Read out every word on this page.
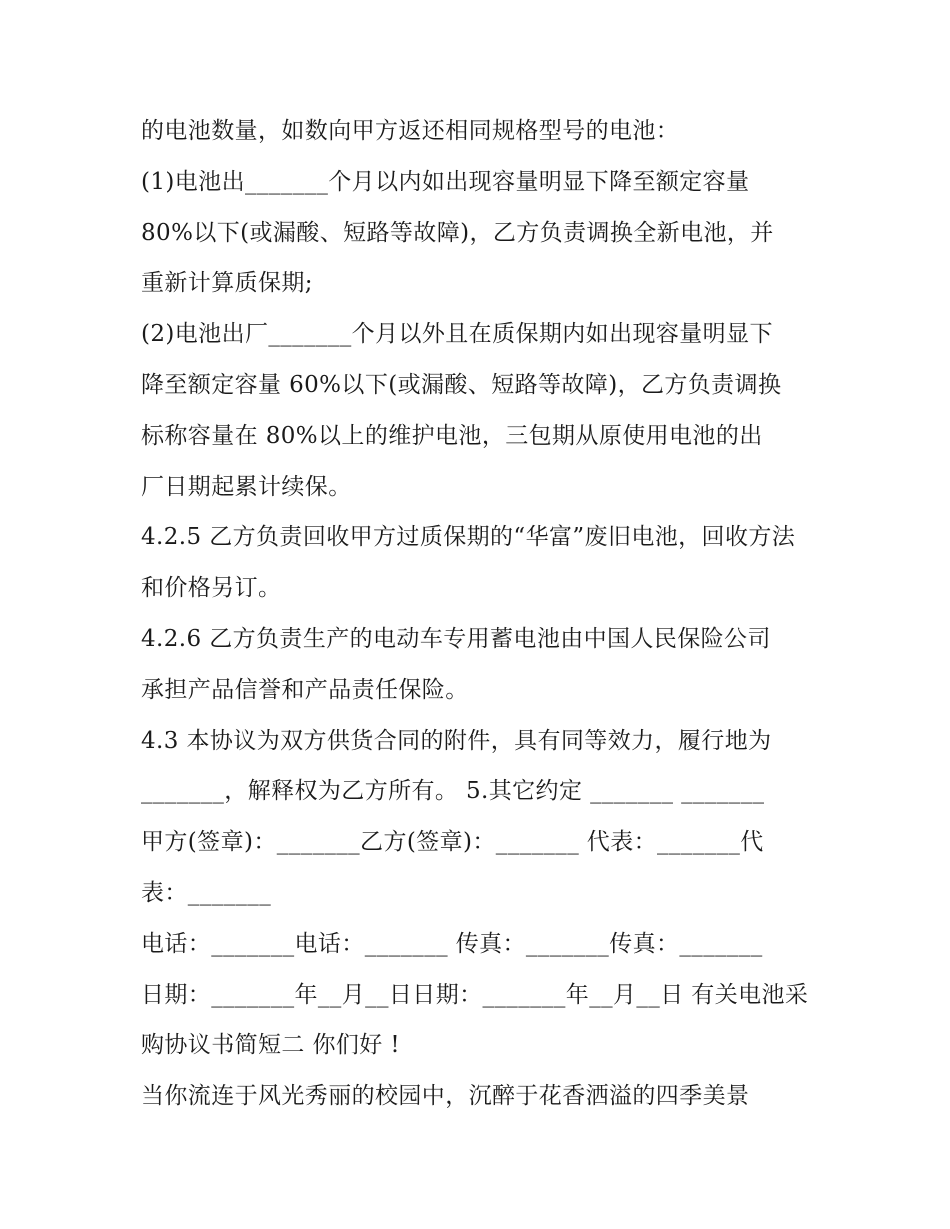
的电池数量，如数向甲方返还相同规格型号的电池：
(1)电池出_______个月以内如出现容量明显下降至额定容量
80%以下(或漏酸、短路等故障)，乙方负责调换全新电池，并
重新计算质保期;
(2)电池出厂_______个月以外且在质保期内如出现容量明显下
降至额定容量 60%以下(或漏酸、短路等故障)，乙方负责调换
标称容量在 80%以上的维护电池，三包期从原使用电池的出
厂日期起累计续保。
4.2.5 乙方负责回收甲方过质保期的“华富”废旧电池，回收方法
和价格另订。
4.2.6 乙方负责生产的电动车专用蓄电池由中国人民保险公司
承担产品信誉和产品责任保险。
4.3 本协议为双方供货合同的附件，具有同等效力，履行地为
_______，解释权为乙方所有。 5.其它约定 _______ _______
甲方(签章)：_______乙方(签章)：_______ 代表：_______代
表：_______
电话：_______电话：_______ 传真：_______传真：_______
日期：_______年__月__日日期：_______年__月__日 有关电池采
购协议书简短二 你们好 !
当你流连于风光秀丽的校园中，沉醉于花香洒溢的四季美景
